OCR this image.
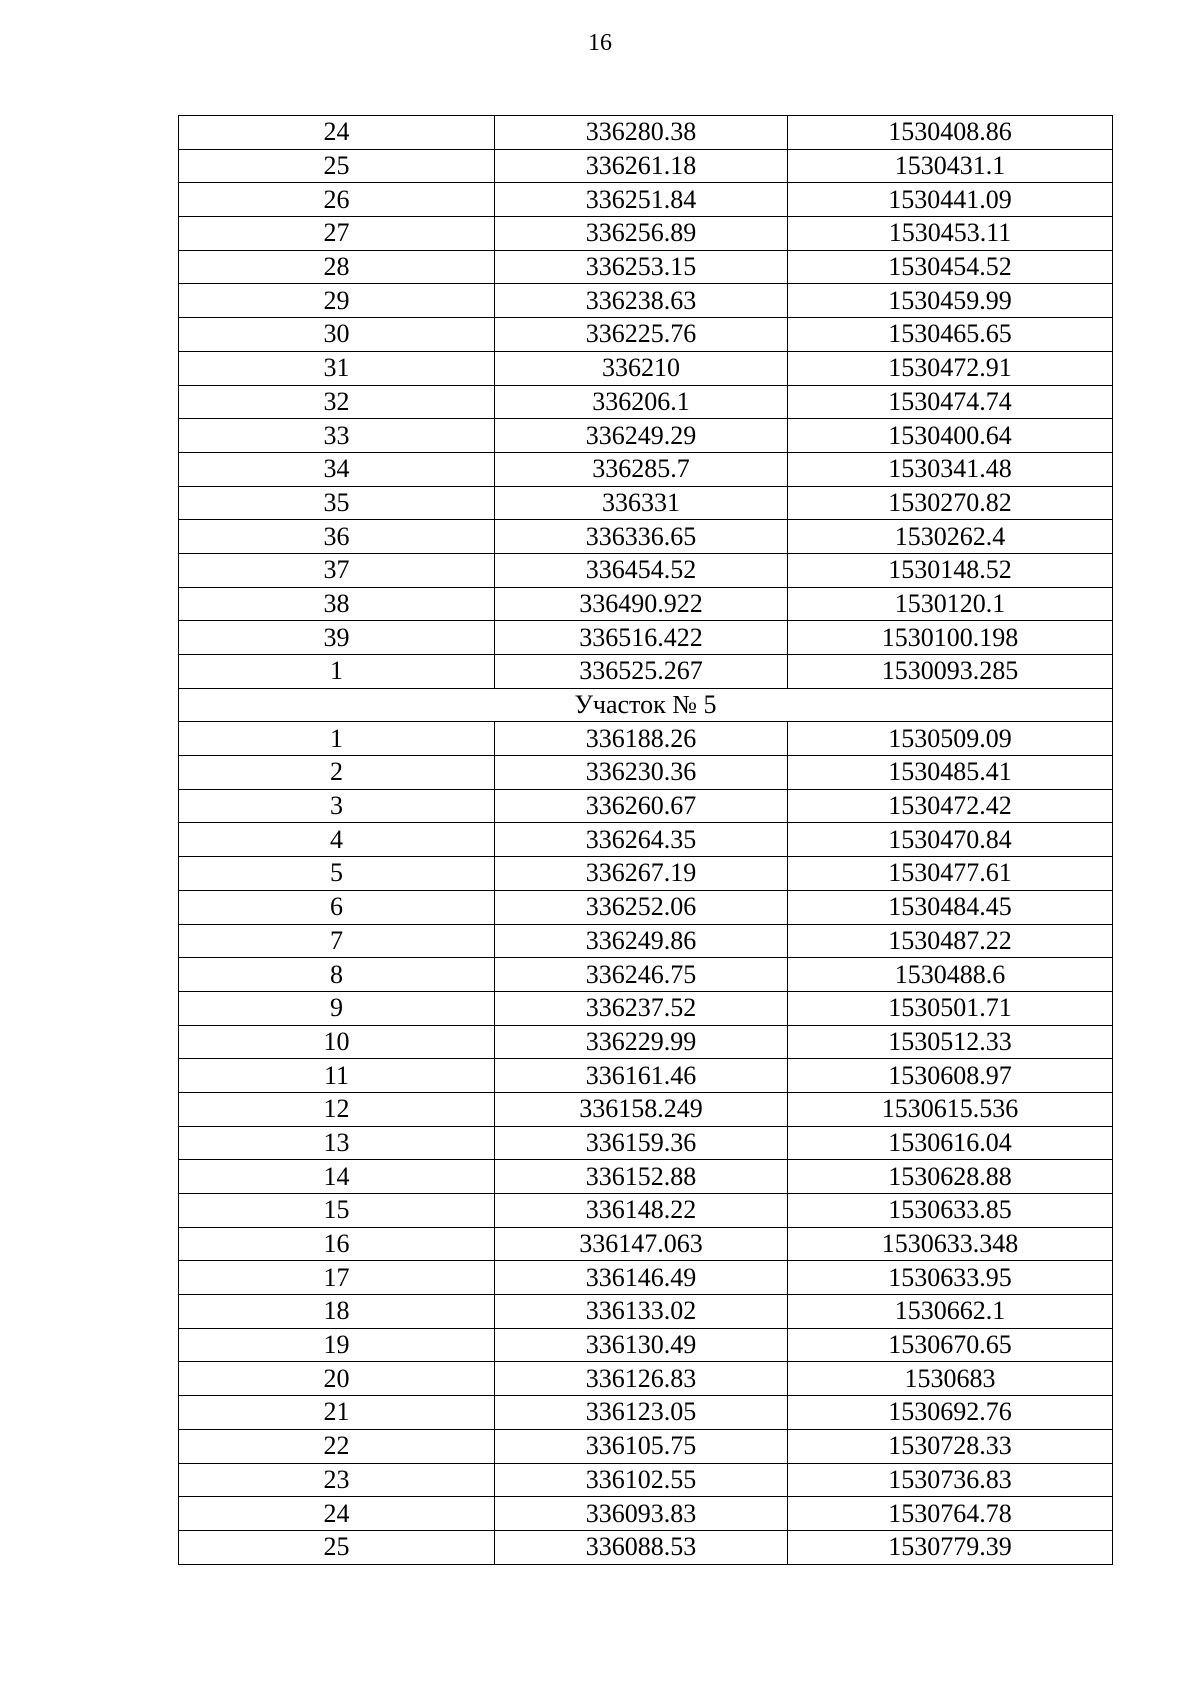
16
24	336280.38	1530408.86
25	336261.18	1530431.1
26	336251.84	1530441.09
27	336256.89	1530453.11
28	336253.15	1530454.52
29	336238.63	1530459.99
30	336225.76	1530465.65
31	336210	1530472.91
32	336206.1	1530474.74
33	336249.29	1530400.64
34	336285.7	1530341.48
35	336331	1530270.82
36	336336.65	1530262.4
37	336454.52	1530148.52
38	336490.922	1530120.1
39	336516.422	1530100.198
1	336525.267	1530093.285
Участок № 5		
1	336188.26	1530509.09
2	336230.36	1530485.41
3	336260.67	1530472.42
4	336264.35	1530470.84
5	336267.19	1530477.61
6	336252.06	1530484.45
7	336249.86	1530487.22
8	336246.75	1530488.6
9	336237.52	1530501.71
10	336229.99	1530512.33
11	336161.46	1530608.97
12	336158.249	1530615.536
13	336159.36	1530616.04
14	336152.88	1530628.88
15	336148.22	1530633.85
16	336147.063	1530633.348
17	336146.49	1530633.95
18	336133.02	1530662.1
19	336130.49	1530670.65
20	336126.83	1530683
21	336123.05	1530692.76
22	336105.75	1530728.33
23	336102.55	1530736.83
24	336093.83	1530764.78
25	336088.53	1530779.39
